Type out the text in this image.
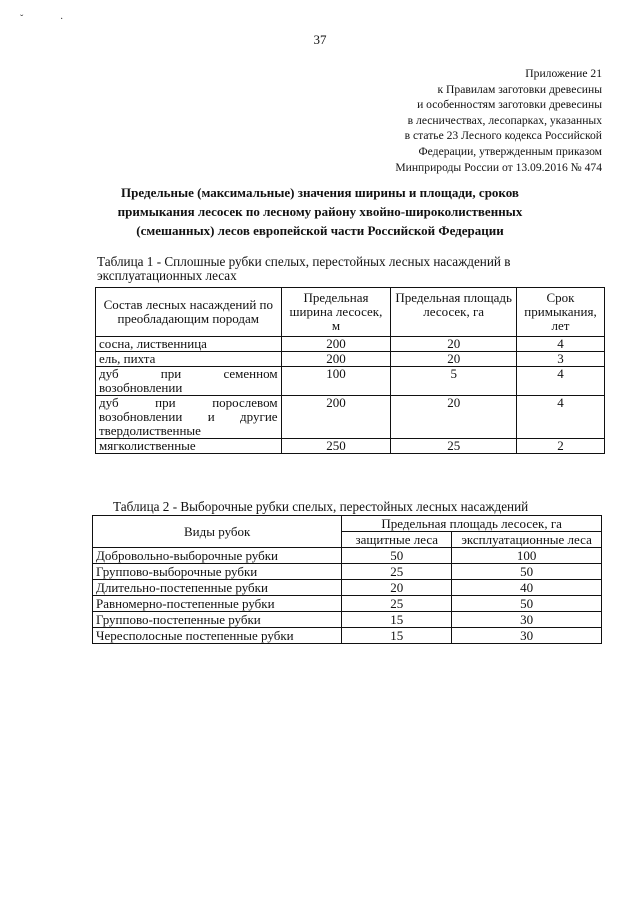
ˇ	·
37
Приложение 21
к Правилам заготовки древесины
и особенностям заготовки древесины
в лесничествах, лесопарках, указанных
в статье 23 Лесного кодекса Российской
Федерации, утвержденным приказом
Минприроды России от 13.09.2016 № 474
Предельные (максимальные) значения ширины и площади, сроков примыкания лесосек по лесному району хвойно-широколиственных (смешанных) лесов европейской части Российской Федерации
Таблица 1 - Сплошные рубки спелых, перестойных лесных насаждений в эксплуатационных лесах
Состав лесных насаждений по преобладающим породам	Предельная ширина лесосек, м	Предельная площадь лесосек, га	Срок примыкания, лет
сосна, лиственница	200	20	4
ель, пихта	200	20	3
дуб при семенном возобновлении	100	5	4
дуб при порослевом возобновлении и другие твердолиственные	200	20	4
мягколиственные	250	25	2
Таблица 2 - Выборочные рубки спелых, перестойных лесных насаждений
Виды рубок	Предельная площадь лесосек, га	
	защитные леса	эксплуатационные леса
Добровольно-выборочные рубки	50	100
Группово-выборочные рубки	25	50
Длительно-постепенные рубки	20	40
Равномерно-постепенные рубки	25	50
Группово-постепенные рубки	15	30
Чересполосные постепенные рубки	15	30
